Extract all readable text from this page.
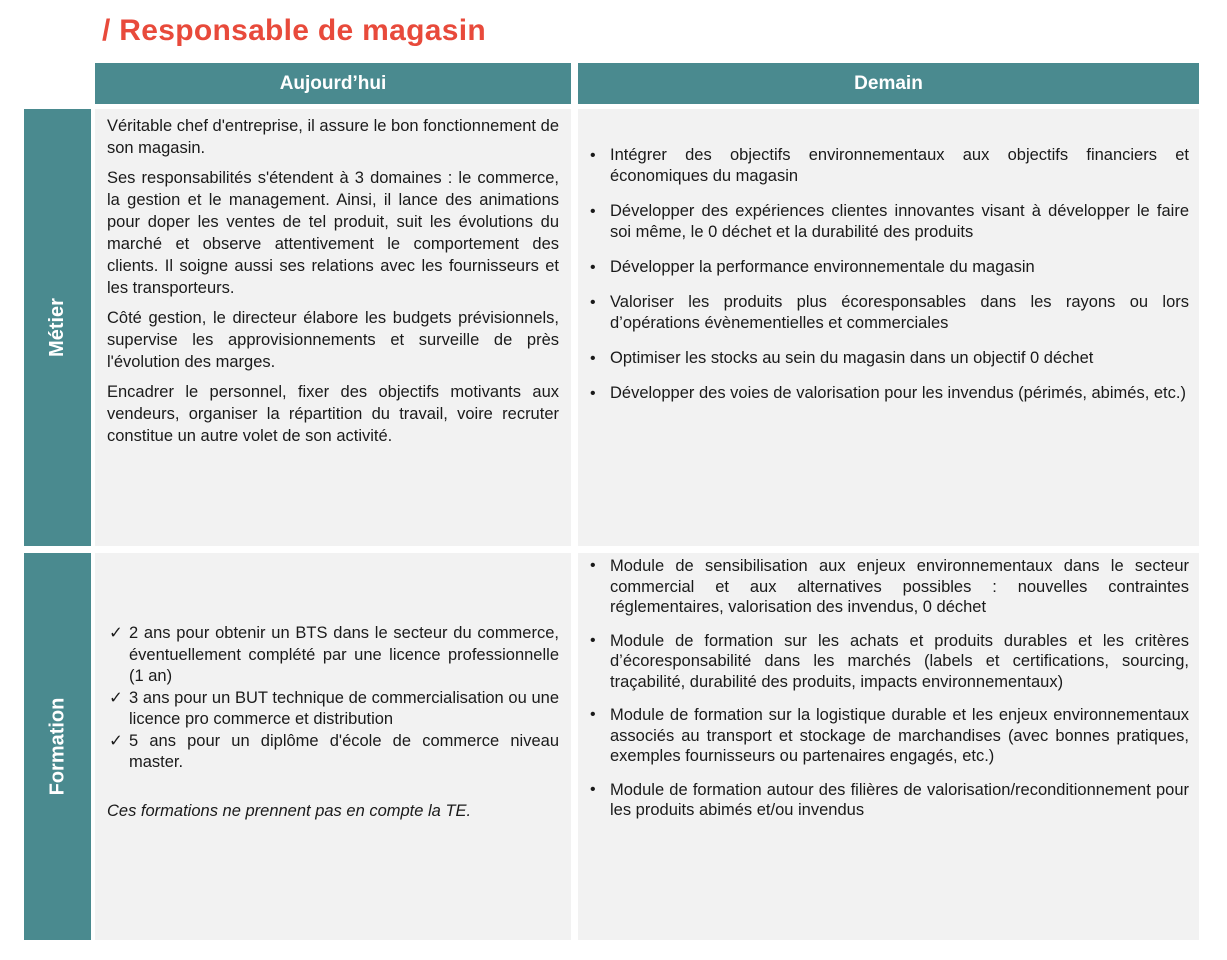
/ Responsable de magasin
Aujourd’hui	Demain
Métier
Formation

Véritable chef d'entreprise, il assure le bon fonctionnement de son magasin.

Ses responsabilités s'étendent à 3 domaines : le commerce, la gestion et le management. Ainsi, il lance des animations pour doper les ventes de tel produit, suit les évolutions du marché et observe attentivement le comportement des clients. Il soigne aussi ses relations avec les fournisseurs et les transporteurs.

Côté gestion, le directeur élabore les budgets prévisionnels, supervise les approvisionnements et surveille de près l'évolution des marges.

Encadrer le personnel, fixer des objectifs motivants aux vendeurs, organiser la répartition du travail, voire recruter constitue un autre volet de son activité.

• Intégrer des objectifs environnementaux aux objectifs financiers et économiques du magasin
• Développer des expériences clientes innovantes visant à développer le faire soi même, le 0 déchet et la durabilité des produits
• Développer la performance environnementale du magasin
• Valoriser les produits plus écoresponsables dans les rayons ou lors d’opérations évènementielles et commerciales
• Optimiser les stocks au sein du magasin dans un objectif 0 déchet
• Développer des voies de valorisation pour les invendus (périmés, abimés, etc.)
✓ 2 ans pour obtenir un BTS dans le secteur du commerce, éventuellement complété par une licence professionnelle (1 an)
✓ 3 ans pour un BUT technique de commercialisation ou une licence pro commerce et distribution
✓ 5 ans pour un diplôme d'école de commerce niveau master.
Ces formations ne prennent pas en compte la TE.
• Module de sensibilisation aux enjeux environnementaux dans le secteur commercial et aux alternatives possibles : nouvelles contraintes réglementaires, valorisation des invendus, 0 déchet
• Module de formation sur les achats et produits durables et les critères d’écoresponsabilité dans les marchés (labels et certifications, sourcing, traçabilité, durabilité des produits, impacts environnementaux)
• Module de formation sur la logistique durable et les enjeux environnementaux associés au transport et stockage de marchandises (avec bonnes pratiques, exemples fournisseurs ou partenaires engagés, etc.)
• Module de formation autour des filières de valorisation/reconditionnement pour les produits abimés et/ou invendus
